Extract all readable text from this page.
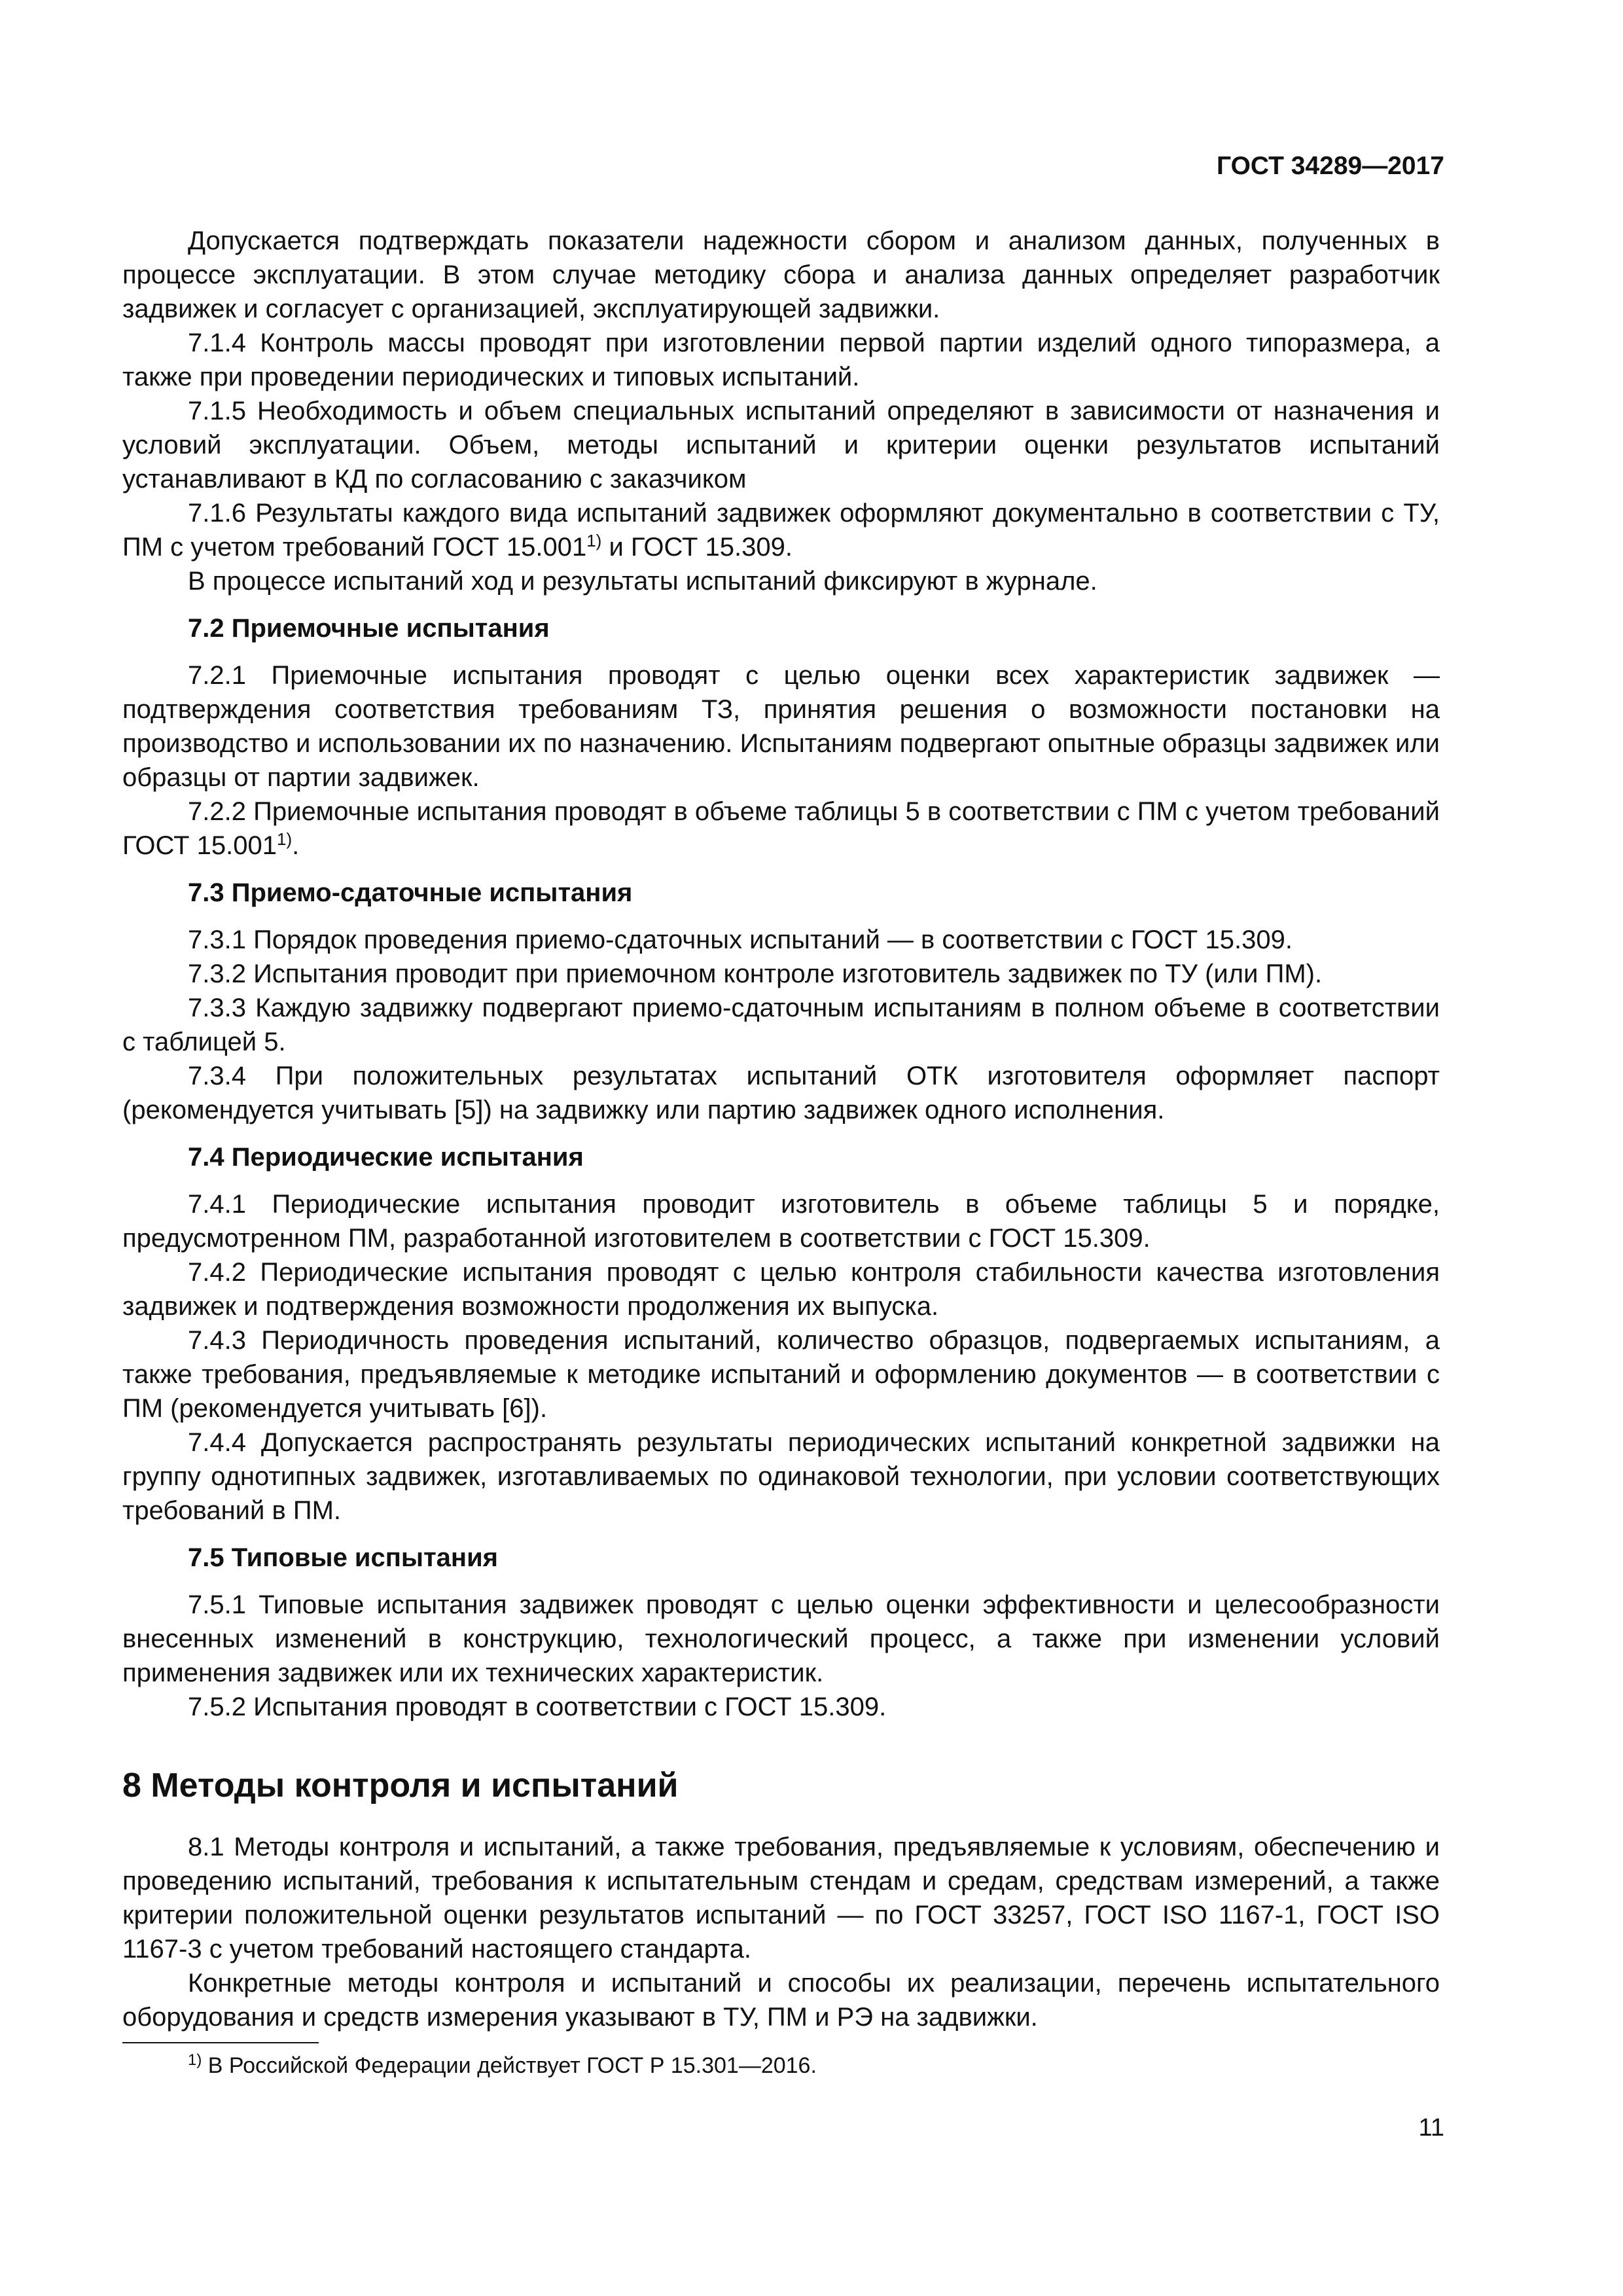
ГОСТ 34289—2017

Допускается подтверждать показатели надежности сбором и анализом данных, полученных в процессе эксплуатации. В этом случае методику сбора и анализа данных определяет разработчик задвижек и согласует с организацией, эксплуатирующей задвижки.

7.1.4 Контроль массы проводят при изготовлении первой партии изделий одного типоразмера, а также при проведении периодических и типовых испытаний.

7.1.5 Необходимость и объем специальных испытаний определяют в зависимости от назначения и условий эксплуатации. Объем, методы испытаний и критерии оценки результатов испытаний устанавливают в КД по согласованию с заказчиком

7.1.6 Результаты каждого вида испытаний задвижек оформляют документально в соответствии с ТУ, ПМ с учетом требований ГОСТ 15.001$^{1)}$ и ГОСТ 15.309.

В процессе испытаний ход и результаты испытаний фиксируют в журнале.

7.2 Приемочные испытания

7.2.1 Приемочные испытания проводят с целью оценки всех характеристик задвижек — подтверждения соответствия требованиям ТЗ, принятия решения о возможности постановки на производство и использовании их по назначению. Испытаниям подвергают опытные образцы задвижек или образцы от партии задвижек.

7.2.2 Приемочные испытания проводят в объеме таблицы 5 в соответствии с ПМ с учетом требований ГОСТ 15.001$^{1)}$.

7.3 Приемо-сдаточные испытания

7.3.1 Порядок проведения приемо-сдаточных испытаний — в соответствии с ГОСТ 15.309.

7.3.2 Испытания проводит при приемочном контроле изготовитель задвижек по ТУ (или ПМ).

7.3.3 Каждую задвижку подвергают приемо-сдаточным испытаниям в полном объеме в соответствии с таблицей 5.

7.3.4 При положительных результатах испытаний ОТК изготовителя оформляет паспорт (рекомендуется учитывать [5]) на задвижку или партию задвижек одного исполнения.

7.4 Периодические испытания

7.4.1 Периодические испытания проводит изготовитель в объеме таблицы 5 и порядке, предусмотренном ПМ, разработанной изготовителем в соответствии с ГОСТ 15.309.

7.4.2 Периодические испытания проводят с целью контроля стабильности качества изготовления задвижек и подтверждения возможности продолжения их выпуска.

7.4.3 Периодичность проведения испытаний, количество образцов, подвергаемых испытаниям, а также требования, предъявляемые к методике испытаний и оформлению документов — в соответствии с ПМ (рекомендуется учитывать [6]).

7.4.4 Допускается распространять результаты периодических испытаний конкретной задвижки на группу однотипных задвижек, изготавливаемых по одинаковой технологии, при условии соответствующих требований в ПМ.

7.5 Типовые испытания

7.5.1 Типовые испытания задвижек проводят с целью оценки эффективности и целесообразности внесенных изменений в конструкцию, технологический процесс, а также при изменении условий применения задвижек или их технических характеристик.

7.5.2 Испытания проводят в соответствии с ГОСТ 15.309.

8 Методы контроля и испытаний

8.1 Методы контроля и испытаний, а также требования, предъявляемые к условиям, обеспечению и проведению испытаний, требования к испытательным стендам и средам, средствам измерений, а также критерии положительной оценки результатов испытаний — по ГОСТ 33257, ГОСТ ISO 1167-1, ГОСТ ISO 1167-3 с учетом требований настоящего стандарта.

Конкретные методы контроля и испытаний и способы их реализации, перечень испытательного оборудования и средств измерения указывают в ТУ, ПМ и РЭ на задвижки.

$^{1)}$ В Российской Федерации действует ГОСТ Р 15.301—2016.
11
